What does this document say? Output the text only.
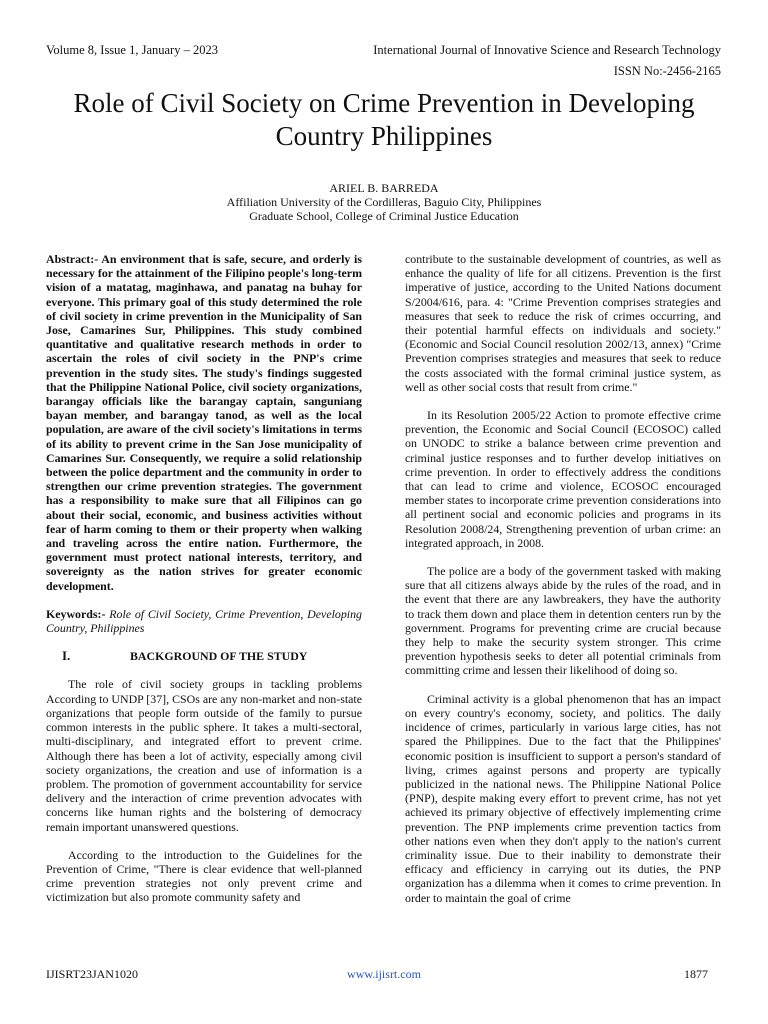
Volume 8, Issue 1, January – 2023	International Journal of Innovative Science and Research Technology
ISSN No:-2456-2165
Role of Civil Society on Crime Prevention in Developing Country Philippines
ARIEL B. BARREDA
Affiliation University of the Cordilleras, Baguio City, Philippines
Graduate School, College of Criminal Justice Education

Abstract:- An environment that is safe, secure, and orderly is necessary for the attainment of the Filipino people's long-term vision of a matatag, maginhawa, and panatag na buhay for everyone. This primary goal of this study determined the role of civil society in crime prevention in the Municipality of San Jose, Camarines Sur, Philippines. This study combined quantitative and qualitative research methods in order to ascertain the roles of civil society in the PNP's crime prevention in the study sites. The study's findings suggested that the Philippine National Police, civil society organizations, barangay officials like the barangay captain, sanguniang bayan member, and barangay tanod, as well as the local population, are aware of the civil society's limitations in terms of its ability to prevent crime in the San Jose municipality of Camarines Sur. Consequently, we require a solid relationship between the police department and the community in order to strengthen our crime prevention strategies. The government has a responsibility to make sure that all Filipinos can go about their social, economic, and business activities without fear of harm coming to them or their property when walking and traveling across the entire nation. Furthermore, the government must protect national interests, territory, and sovereignty as the nation strives for greater economic development.

Keywords:- Role of Civil Society, Crime Prevention, Developing Country, Philippines

I.	BACKGROUND OF THE STUDY

The role of civil society groups in tackling problems According to UNDP [37], CSOs are any non-market and non-state organizations that people form outside of the family to pursue common interests in the public sphere. It takes a multi-sectoral, multi-disciplinary, and integrated effort to prevent crime. Although there has been a lot of activity, especially among civil society organizations, the creation and use of information is a problem. The promotion of government accountability for service delivery and the interaction of crime prevention advocates with concerns like human rights and the bolstering of democracy remain important unanswered questions.

According to the introduction to the Guidelines for the Prevention of Crime, "There is clear evidence that well-planned crime prevention strategies not only prevent crime and victimization but also promote community safety and

contribute to the sustainable development of countries, as well as enhance the quality of life for all citizens. Prevention is the first imperative of justice, according to the United Nations document S/2004/616, para. 4: "Crime Prevention comprises strategies and measures that seek to reduce the risk of crimes occurring, and their potential harmful effects on individuals and society." (Economic and Social Council resolution 2002/13, annex) "Crime Prevention comprises strategies and measures that seek to reduce the costs associated with the formal criminal justice system, as well as other social costs that result from crime."

In its Resolution 2005/22 Action to promote effective crime prevention, the Economic and Social Council (ECOSOC) called on UNODC to strike a balance between crime prevention and criminal justice responses and to further develop initiatives on crime prevention. In order to effectively address the conditions that can lead to crime and violence, ECOSOC encouraged member states to incorporate crime prevention considerations into all pertinent social and economic policies and programs in its Resolution 2008/24, Strengthening prevention of urban crime: an integrated approach, in 2008.

The police are a body of the government tasked with making sure that all citizens always abide by the rules of the road, and in the event that there are any lawbreakers, they have the authority to track them down and place them in detention centers run by the government. Programs for preventing crime are crucial because they help to make the security system stronger. This crime prevention hypothesis seeks to deter all potential criminals from committing crime and lessen their likelihood of doing so.

Criminal activity is a global phenomenon that has an impact on every country's economy, society, and politics. The daily incidence of crimes, particularly in various large cities, has not spared the Philippines. Due to the fact that the Philippines' economic position is insufficient to support a person's standard of living, crimes against persons and property are typically publicized in the national news. The Philippine National Police (PNP), despite making every effort to prevent crime, has not yet achieved its primary objective of effectively implementing crime prevention. The PNP implements crime prevention tactics from other nations even when they don't apply to the nation's current criminality issue. Due to their inability to demonstrate their efficacy and efficiency in carrying out its duties, the PNP organization has a dilemma when it comes to crime prevention. In order to maintain the goal of crime

IJISRT23JAN1020	www.ijisrt.com	1877
